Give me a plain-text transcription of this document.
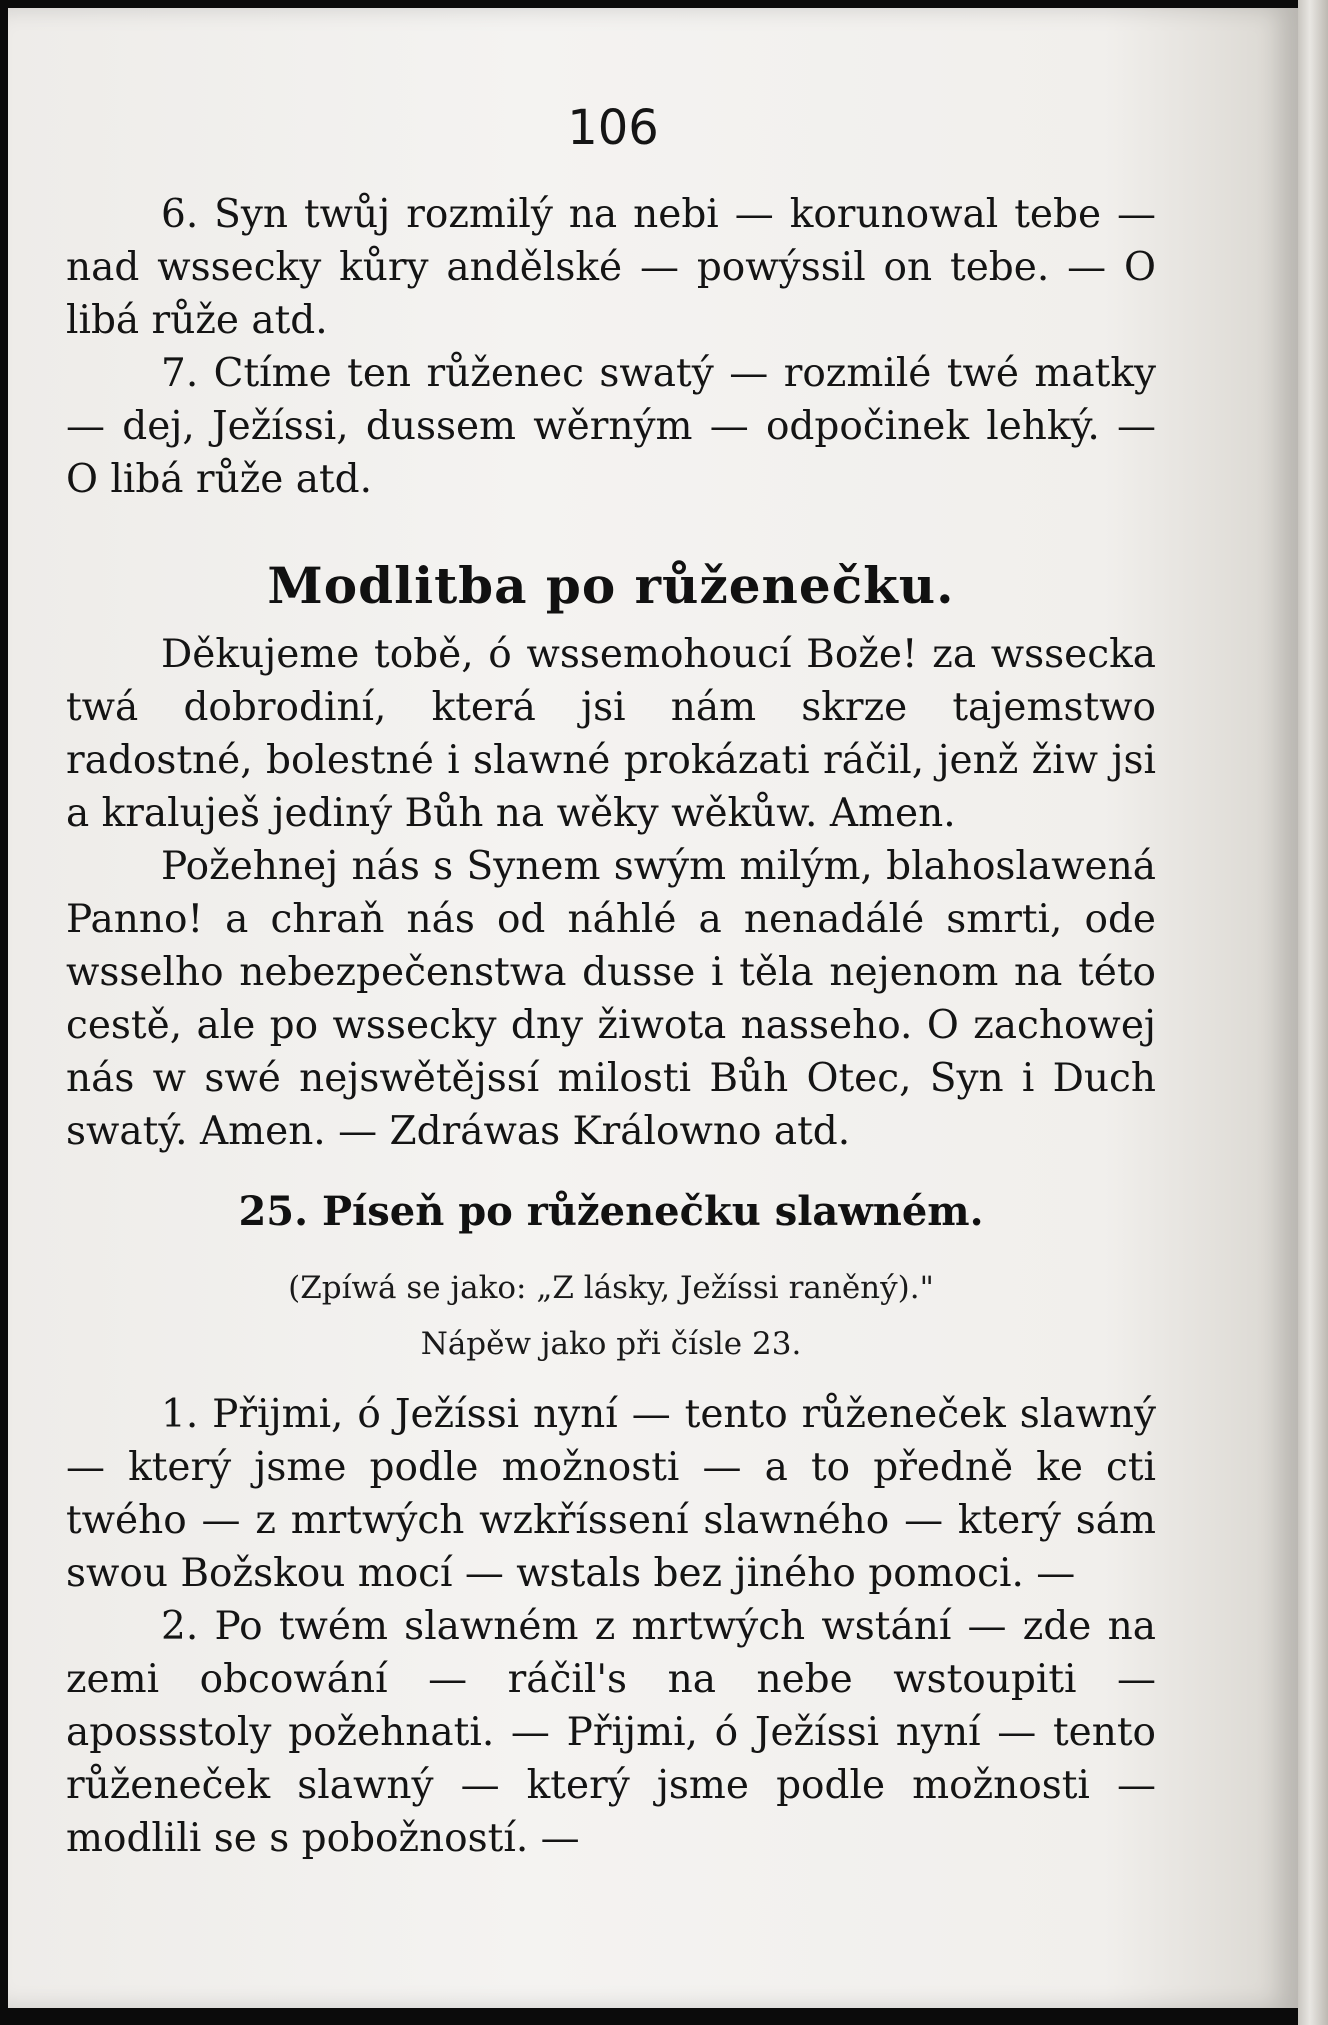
106

6. Syn twůj rozmilý na nebi — korunowal tebe — nad wssecky kůry andělské — powýssil on tebe. — O libá růže atd.

7. Ctíme ten růženec swatý — rozmilé twé matky — dej, Ježíssi, dussem wěrným — odpočinek lehký. — O libá růže atd.

Modlitba po růženečku.

Děkujeme tobě, ó wssemohoucí Bože! za wssecka twá dobrodiní, která jsi nám skrze tajemstwo radostné, bolestné i slawné prokázati ráčil, jenž žiw jsi a kraluješ jediný Bůh na wěky wěkůw. Amen.

Požehnej nás s Synem swým milým, blahoslawená Panno! a chraň nás od náhlé a nenadálé smrti, ode wsselho nebezpečenstwa dusse i těla nejenom na této cestě, ale po wssecky dny žiwota nasseho. O zachowej nás w swé nejswětějssí milosti Bůh Otec, Syn i Duch swatý. Amen. — Zdráwas Králowno atd.

25. Píseň po růženečku slawném.
(Zpíwá se jako: „Z lásky, Ježíssi raněný)."
Nápěw jako při čísle 23.

1. Přijmi, ó Ježíssi nyní — tento růženeček slawný — který jsme podle možnosti — a to předně ke cti twého — z mrtwých wzkříssení slawného — který sám swou Božskou mocí — wstals bez jiného pomoci. —

2. Po twém slawném z mrtwých wstání — zde na zemi obcowání — ráčil's na nebe wstoupiti — apossstoly požehnati. — Přijmi, ó Ježíssi nyní — tento růženeček slawný — který jsme podle možnosti — modlili se s pobožností. —
